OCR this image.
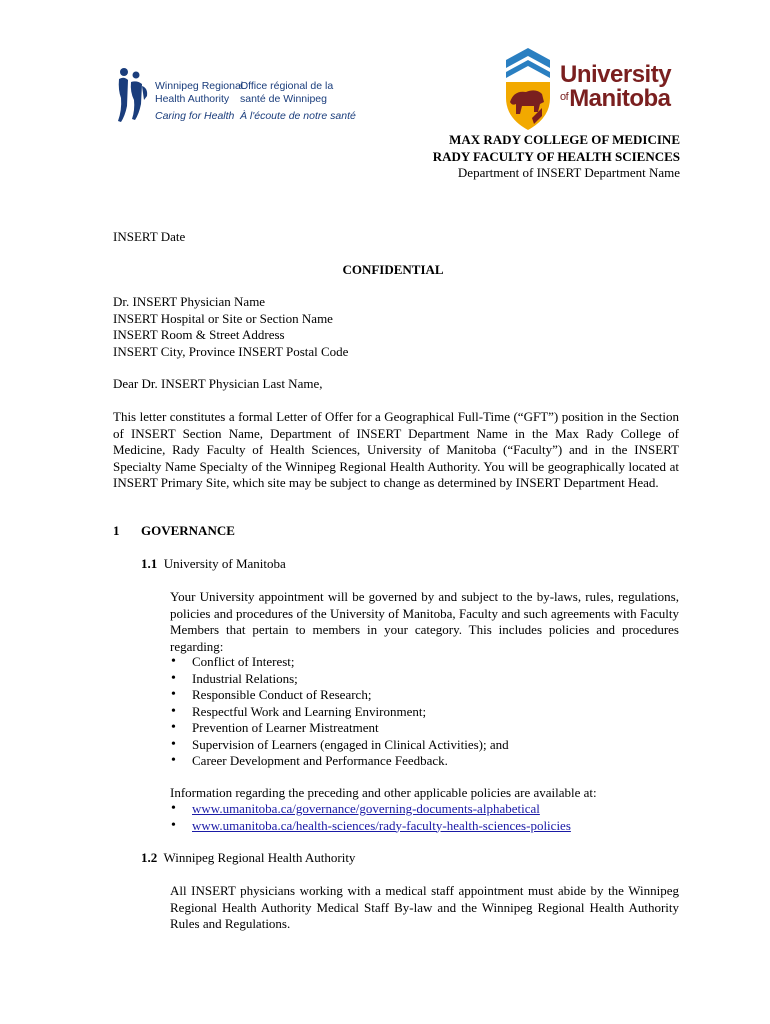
Winnipeg Regional
Health Authority
Caring for Health
Office régional de la
santé de Winnipeg
À l'écoute de notre santé
University
$^{of}$Manitoba
MAX RADY COLLEGE OF MEDICINE
RADY FACULTY OF HEALTH SCIENCES
Department of INSERT Department Name
INSERT Date
CONFIDENTIAL
Dr. INSERT Physician Name
INSERT Hospital or Site or Section Name
INSERT Room & Street Address
INSERT City, Province INSERT Postal Code
Dear Dr. INSERT Physician Last Name,
This letter constitutes a formal Letter of Offer for a Geographical Full-Time (“GFT”) position in the Section of INSERT Section Name, Department of INSERT Department Name in the Max Rady College of Medicine, Rady Faculty of Health Sciences, University of Manitoba (“Faculty”) and in the INSERT Specialty Name Specialty of the Winnipeg Regional Health Authority. You will be geographically located at INSERT Primary Site, which site may be subject to change as determined by INSERT Department Head.
1 GOVERNANCE
1.1 University of Manitoba
Your University appointment will be governed by and subject to the by-laws, rules, regulations, policies and procedures of the University of Manitoba, Faculty and such agreements with Faculty Members that pertain to members in your category. This includes policies and procedures regarding:
• Conflict of Interest;
• Industrial Relations;
• Responsible Conduct of Research;
• Respectful Work and Learning Environment;
• Prevention of Learner Mistreatment
• Supervision of Learners (engaged in Clinical Activities); and
• Career Development and Performance Feedback.
Information regarding the preceding and other applicable policies are available at:
• www.umanitoba.ca/governance/governing-documents-alphabetical
• www.umanitoba.ca/health-sciences/rady-faculty-health-sciences-policies
1.2 Winnipeg Regional Health Authority
All INSERT physicians working with a medical staff appointment must abide by the Winnipeg Regional Health Authority Medical Staff By-law and the Winnipeg Regional Health Authority Rules and Regulations.
